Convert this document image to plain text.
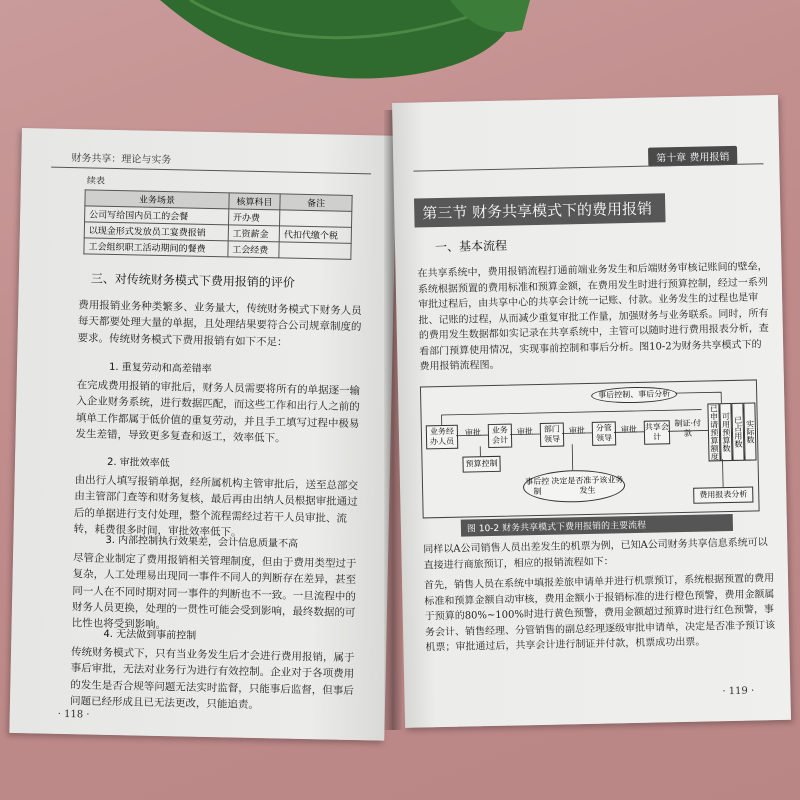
财务共享：理论与实务
续表
业务场景	核算科目	备注
公司写给国内员工的会餐	开办费	
以现金形式发放员工宴费报销	工资薪金	代扣代缴个税
工会组织职工活动期间的餐费	工会经费	
三、对传统财务模式下费用报销的评价
费用报销业务种类繁多、业务量大，传统财务模式下财务人员每天都要处理大量的单据，且处理结果要符合公司规章制度的要求。传统财务模式下费用报销有如下不足：
1. 重复劳动和高差错率
在完成费用报销的审批后，财务人员需要将所有的单据逐一输入企业财务系统，进行数据匹配，而这些工作和出行人之前的填单工作都属于低价值的重复劳动，并且手工填写过程中极易发生差错，导致更多复查和返工，效率低下。
2. 审批效率低
由出行人填写报销单据，经所属机构主管审批后，送至总部交由主管部门查等和财务复核，最后再由出纳人员根据审批通过后的单据进行支付处理，整个流程需经过若干人员审批、流转，耗费很多时间，审批效率低下。
3. 内部控制执行效果差，会计信息质量不高
尽管企业制定了费用报销相关管理制度，但由于费用类型过于复杂，人工处理易出现同一事件不同人的判断存在差异，甚至同一人在不同时期对同一事件的判断也不一致。一旦流程中的财务人员更换，处理的一贯性可能会受到影响，最终数据的可比性也将受到影响。
4. 无法做到事前控制
传统财务模式下，只有当业务发生后才会进行费用报销，属于事后审批，无法对业务行为进行有效控制。企业对于各项费用的发生是否合规等问题无法实时监督，只能事后监督，但事后问题已经形成且已无法更改，只能追责。
· 118 ·
第十章 费用报销
第三节 财务共享模式下的费用报销
一、基本流程
在共享系统中，费用报销流程打通前端业务发生和后端财务审核记账间的壁垒，系统根据预置的费用标准和预算金额，在费用发生时进行预算控制，经过一系列审批过程后，由共享中心的共享会计统一记账、付款。业务发生的过程也是审批、记账的过程，从而减少重复审批工作量，加强财务与业务联系。同时，所有的费用发生数据都如实记录在共享系统中，主管可以随时进行费用报表分析，查看部门预算使用情况，实现事前控制和事后分析。图10-2为财务共享模式下的费用报销流程图。
事后控制、事后分析
业务经办人员
审批	业务会计
审批	部门领导
审批	分管领导
审批 共享会计
制证·付款	已申请预算额度 可用预算数 已占用数 实际数
预算控制
事后控制

决定是否准予该业务发生	费用报表分析
图 10-2 财务共享模式下费用报销的主要流程
同样以A公司销售人员出差发生的机票为例，已知A公司财务共享信息系统可以直接进行商旅预订，相应的报销流程如下：
首先，销售人员在系统中填报差旅申请单并进行机票预订，系统根据预置的费用标准和预算金额自动审核，费用金额小于报销标准的进行橙色预警，费用金额属于预算的80%~100%时进行黄色预警，费用金额超过预算时进行红色预警，事务会计、销售经理、分管销售的副总经理逐级审批申请单，决定是否准予预订该机票；审批通过后，共享会计进行制证并付款，机票成功出票。
· 119 ·
